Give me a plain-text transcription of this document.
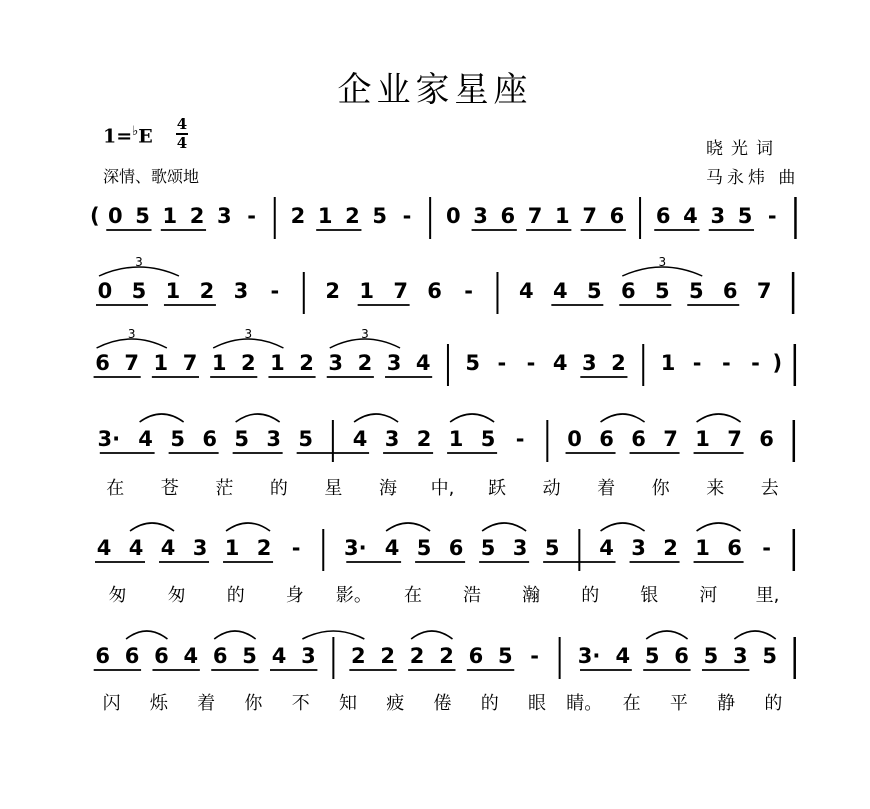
企业家星座
1=♭E
4
4
深情、歌颂地
晓光词
马永炜 曲
( 0 5 1 2 3 - 2 1 2 5 - 0 3 6 7 1 7 6 6 4 3 5 -
0 5 1 2 3 - 2 1 7 6 - 4 4 5 6 5 5 6 7
3	3
6 7 1 7 1 2 1 2 3 2 3 4 5 - - 4 3 2 1 - - - )
3	3	3
3· 4 5 6 5 3 5 4 3 2 1 5 - 0 6 6 7 1 7 6
在 苍 茫 的 星 海 中, 跃 动 着 你 来 去
4 4 4 3 1 2 - 3· 4 5 6 5 3 5 4 3 2 1 6 -
匆 匆 的 身 影。 在 浩 瀚 的 银 河 里,
6 6 6 4 6 5 4 3 2 2 2 2 6 5 - 3· 4 5 6 5 3 5
闪 烁 着 你 不 知 疲 倦 的 眼 睛。 在 平 静 的
